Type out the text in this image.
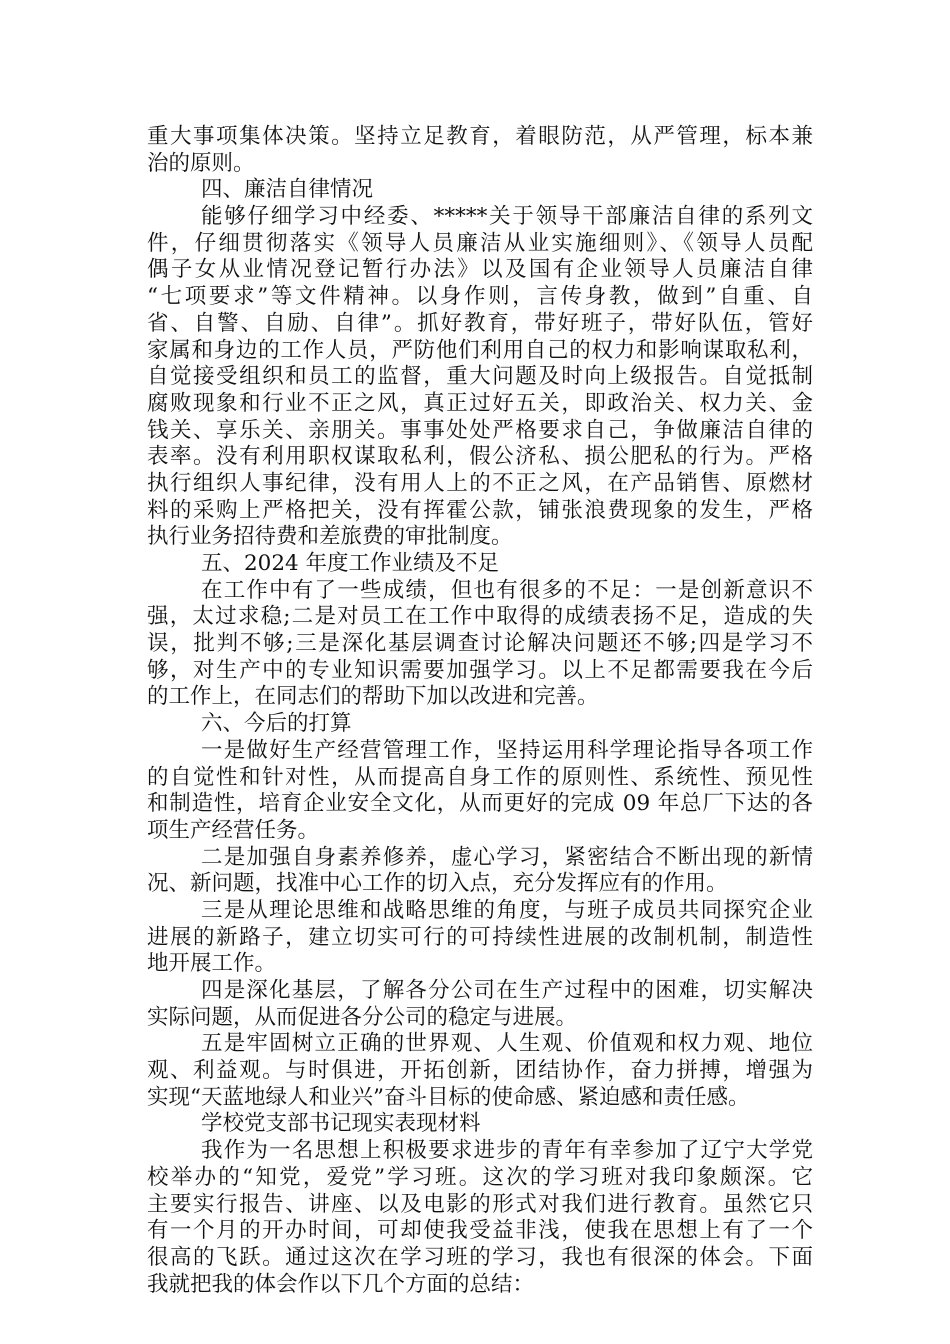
重大事项集体决策。坚持立足教育，着眼防范，从严管理，标本兼
治的原则。
四、廉洁自律情况
能够仔细学习中经委、*****关于领导干部廉洁自律的系列文
件，仔细贯彻落实《领导人员廉洁从业实施细则》、《领导人员配
偶子女从业情况登记暂行办法》以及国有企业领导人员廉洁自律
“七项要求”等文件精神。以身作则，言传身教，做到”自重、自
省、自警、自励、自律”。抓好教育，带好班子，带好队伍，管好
家属和身边的工作人员，严防他们利用自己的权力和影响谋取私利，
自觉接受组织和员工的监督，重大问题及时向上级报告。自觉抵制
腐败现象和行业不正之风，真正过好五关，即政治关、权力关、金
钱关、享乐关、亲朋关。事事处处严格要求自己，争做廉洁自律的
表率。没有利用职权谋取私利，假公济私、损公肥私的行为。严格
执行组织人事纪律，没有用人上的不正之风，在产品销售、原燃材
料的采购上严格把关，没有挥霍公款，铺张浪费现象的发生，严格
执行业务招待费和差旅费的审批制度。
五、2024 年度工作业绩及不足
在工作中有了一些成绩，但也有很多的不足：一是创新意识不
强，太过求稳;二是对员工在工作中取得的成绩表扬不足，造成的失
误，批判不够;三是深化基层调查讨论解决问题还不够;四是学习不
够，对生产中的专业知识需要加强学习。以上不足都需要我在今后
的工作上，在同志们的帮助下加以改进和完善。
六、今后的打算
一是做好生产经营管理工作，坚持运用科学理论指导各项工作
的自觉性和针对性，从而提高自身工作的原则性、系统性、预见性
和制造性，培育企业安全文化，从而更好的完成 09 年总厂下达的各
项生产经营任务。
二是加强自身素养修养，虚心学习，紧密结合不断出现的新情
况、新问题，找准中心工作的切入点，充分发挥应有的作用。
三是从理论思维和战略思维的角度，与班子成员共同探究企业
进展的新路子，建立切实可行的可持续性进展的改制机制，制造性
地开展工作。
四是深化基层，了解各分公司在生产过程中的困难，切实解决
实际问题，从而促进各分公司的稳定与进展。
五是牢固树立正确的世界观、人生观、价值观和权力观、地位
观、利益观。与时俱进，开拓创新，团结协作，奋力拼搏，增强为
实现“天蓝地绿人和业兴”奋斗目标的使命感、紧迫感和责任感。
学校党支部书记现实表现材料
我作为一名思想上积极要求进步的青年有幸参加了辽宁大学党
校举办的“知党，爱党”学习班。这次的学习班对我印象颇深。它
主要实行报告、讲座、以及电影的形式对我们进行教育。虽然它只
有一个月的开办时间，可却使我受益非浅，使我在思想上有了一个
很高的飞跃。通过这次在学习班的学习，我也有很深的体会。下面
我就把我的体会作以下几个方面的总结：
